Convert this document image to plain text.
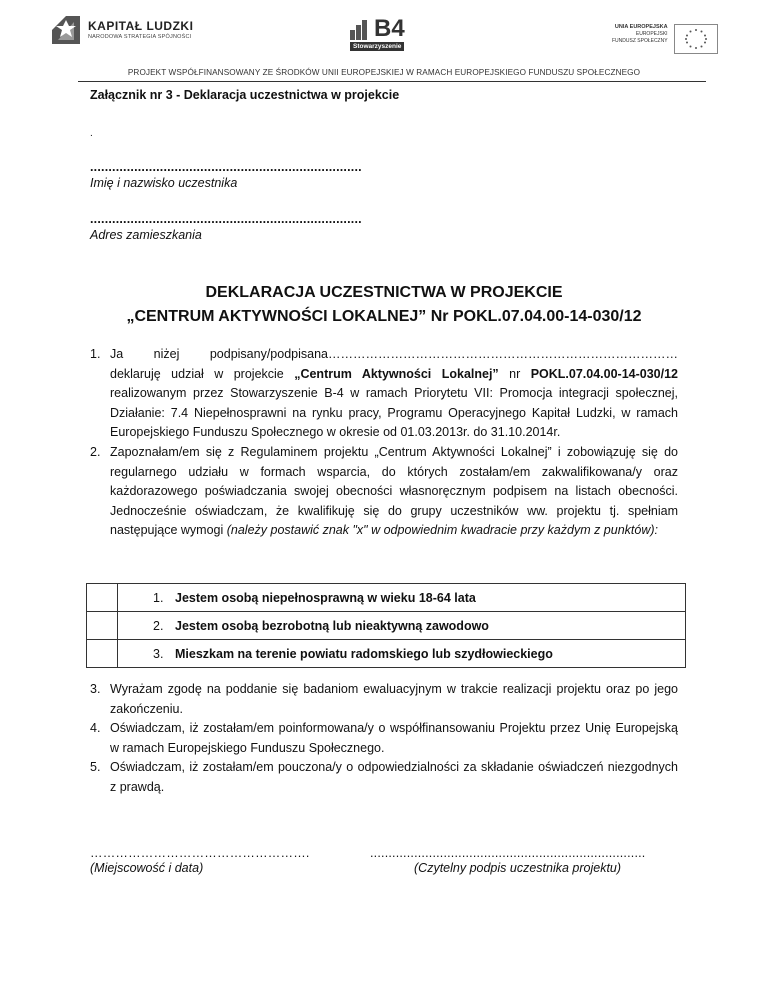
KAPITAŁ LUDZKI
NARODOWA STRATEGIA SPÓJNOŚCI	B4
Stowarzyszenie
UNIA EUROPEJSKA
EUROPEJSKI
FUNDUSZ SPOŁECZNY
PROJEKT WSPÓŁFINANSOWANY ZE ŚRODKÓW UNII EUROPEJSKIEJ W RAMACH EUROPEJSKIEGO FUNDUSZU SPOŁECZNEGO
Załącznik nr 3 - Deklaracja uczestnictwa w projekcie
.
..........................................................................
Imię i nazwisko uczestnika
..........................................................................
Adres zamieszkania
DEKLARACJA UCZESTNICTWA W PROJEKCIE
„CENTRUM AKTYWNOŚCI LOKALNEJ” Nr POKL.07.04.00-14-030/12
1. Ja niżej podpisany/podpisana………………………………………………………………………… deklaruję udział w projekcie „Centrum Aktywności Lokalnej” nr POKL.07.04.00-14-030/12 realizowanym przez Stowarzyszenie B-4 w ramach Priorytetu VII: Promocja integracji społecznej, Działanie: 7.4 Niepełnosprawni na rynku pracy, Programu Operacyjnego Kapitał Ludzki, w ramach Europejskiego Funduszu Społecznego w okresie od 01.03.2013r. do 31.10.2014r.
2. Zapoznałam/em się z Regulaminem projektu „Centrum Aktywności Lokalnej” i zobowiązuję się do regularnego udziału w formach wsparcia, do których zostałam/em zakwalifikowana/y oraz każdorazowego poświadczania swojej obecności własnoręcznym podpisem na listach obecności. Jednocześnie oświadczam, że kwalifikuję się do grupy uczestników ww. projektu tj. spełniam następujące wymogi (należy postawić znak "x" w odpowiednim kwadracie przy każdym z punktów):
	1. Jestem osobą niepełnosprawną w wieku 18-64 lata
	2. Jestem osobą bezrobotną lub nieaktywną zawodowo
	3. Mieszkam na terenie powiatu radomskiego lub szydłowieckiego
3. Wyrażam zgodę na poddanie się badaniom ewaluacyjnym w trakcie realizacji projektu oraz po jego zakończeniu.
4. Oświadczam, iż zostałam/em poinformowana/y o współfinansowaniu Projektu przez Unię Europejską w ramach Europejskiego Funduszu Społecznego.
5. Oświadczam, iż zostałam/em pouczona/y o odpowiedzialności za składanie oświadczeń niezgodnych z prawdą.
…………………………………………….
(Miejscowość i data)
...........................................................................
(Czytelny podpis uczestnika projektu)
